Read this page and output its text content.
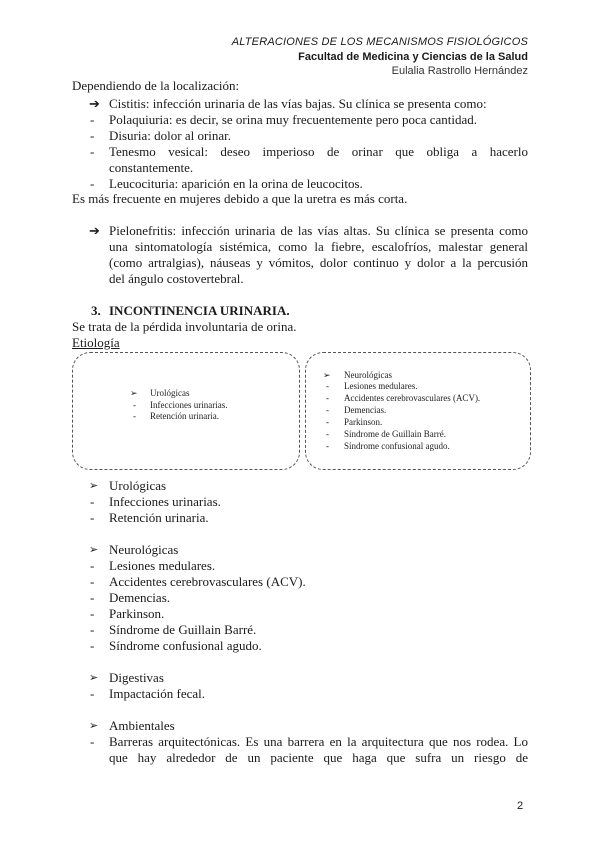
ALTERACIONES DE LOS MECANISMOS FISIOLÓGICOS
Facultad de Medicina y Ciencias de la Salud
Eulalia Rastrollo Hernández
Dependiendo de la localización:
➔ Cistitis: infección urinaria de las vías bajas. Su clínica se presenta como:
- Polaquiuria: es decir, se orina muy frecuentemente pero poca cantidad.
- Disuria: dolor al orinar.
- Tenesmo vesical: deseo imperioso de orinar que obliga a hacerlo
constantemente.
- Leucocituria: aparición en la orina de leucocitos.
Es más frecuente en mujeres debido a que la uretra es más corta.
➔ Pielonefritis: infección urinaria de las vías altas. Su clínica se presenta como
una sintomatología sistémica, como la fiebre, escalofríos, malestar general
(como artralgias), náuseas y vómitos, dolor continuo y dolor a la percusión
del ángulo costovertebral.
3. INCONTINENCIA URINARIA.
Se trata de la pérdida involuntaria de orina.
Etiología
➢ Urológicas
- Infecciones urinarias.
- Retención urinaria.
➢ Neurológicas
- Lesiones medulares.
- Accidentes cerebrovasculares (ACV).
- Demencias.
- Parkinson.
- Síndrome de Guillain Barré.
- Síndrome confusional agudo.
➢ Urológicas
- Infecciones urinarias.
- Retención urinaria.
➢ Neurológicas
- Lesiones medulares.
- Accidentes cerebrovasculares (ACV).
- Demencias.
- Parkinson.
- Síndrome de Guillain Barré.
- Síndrome confusional agudo.
➢ Digestivas
- Impactación fecal.
➢ Ambientales
- Barreras arquitectónicas. Es una barrera en la arquitectura que nos rodea. Lo
que hay alrededor de un paciente que haga que sufra un riesgo de
2
